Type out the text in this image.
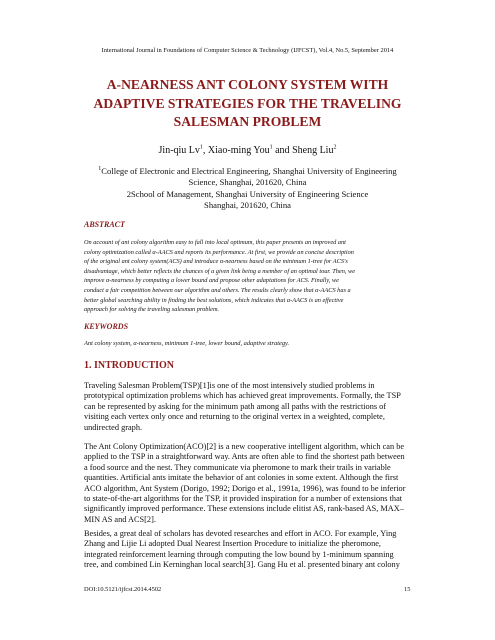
International Journal in Foundations of Computer Science & Technology (IJFCST), Vol.4, No.5, September 2014
A-NEARNESS ANT COLONY SYSTEM WITH
ADAPTIVE STRATEGIES FOR THE TRAVELING
SALESMAN PROBLEM
Jin-qiu Lv$^1$, Xiao-ming You$^1$ and Sheng Liu$^2$
$^1$College of Electronic and Electrical Engineering, Shanghai University of Engineering
Science, Shanghai, 201620, China
2School of Management, Shanghai University of Engineering Science
Shanghai, 201620, China
ABSTRACT
On account of ant colony algorithm easy to fall into local optimum, this paper presents an improved ant
colony optimization called α-AACS and reports its performance. At first, we provide an concise description
of the original ant colony system(ACS) and introduce α-nearness based on the minimum 1-tree for ACS's
disadvantage, which better reflects the chances of a given link being a member of an optimal tour. Then, we
improve α-nearness by computing a lower bound and propose other adaptations for ACS. Finally, we
conduct a fair competition between our algorithm and others. The results clearly show that α-AACS has a
better global searching ability in finding the best solutions, which indicates that α-AACS is an effective
approach for solving the traveling salesman problem.
KEYWORDS
Ant colony system, α-nearness, minimum 1-tree, lower bound, adaptive strategy.
1. INTRODUCTION
Traveling Salesman Problem(TSP)[1]is one of the most intensively studied problems in
prototypical optimization problems which has achieved great improvements. Formally, the TSP
can be represented by asking for the minimum path among all paths with the restrictions of
visiting each vertex only once and returning to the original vertex in a weighted, complete,
undirected graph.
The Ant Colony Optimization(ACO)[2] is a new cooperative intelligent algorithm, which can be
applied to the TSP in a straightforward way. Ants are often able to find the shortest path between
a food source and the nest. They communicate via pheromone to mark their trails in variable
quantities. Artificial ants imitate the behavior of ant colonies in some extent. Although the first
ACO algorithm, Ant System (Dorigo, 1992; Dorigo et al., 1991a, 1996), was found to be inferior
to state-of-the-art algorithms for the TSP, it provided inspiration for a number of extensions that
significantly improved performance. These extensions include elitist AS, rank-based AS, MAX–
MIN AS and ACS[2].
Besides, a great deal of scholars has devoted researches and effort in ACO. For example, Ying
Zhang and Lijie Li adopted Dual Nearest Insertion Procedure to initialize the pheromone,
integrated reinforcement learning through computing the low bound by 1-minimum spanning
tree, and combined Lin Kerninghan local search[3]. Gang Hu et al. presented binary ant colony
DOI:10.5121/ijfcst.2014.4502	15
